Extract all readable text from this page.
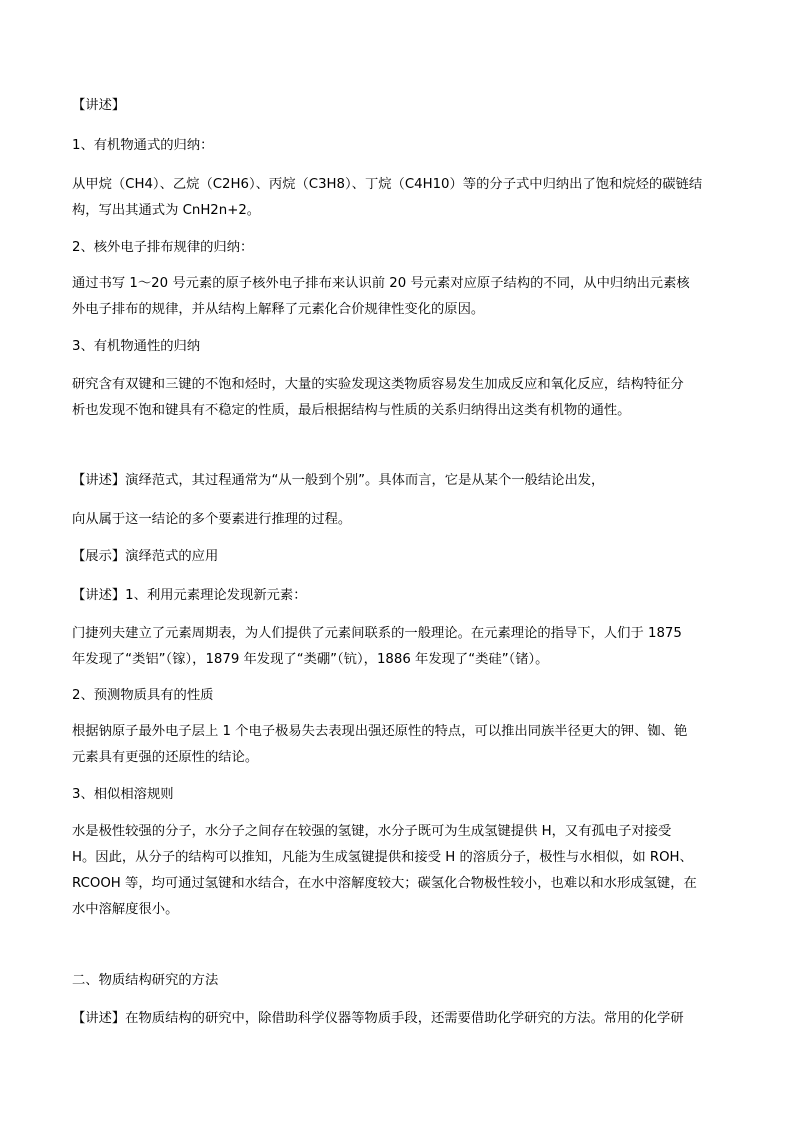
【讲述】

1、有机物通式的归纳：

从甲烷（CH4）、乙烷（C2H6）、丙烷（C3H8）、丁烷（C4H10）等的分子式中归纳出了饱和烷烃的碳链结
构，写出其通式为 CnH2n+2。

2、核外电子排布规律的归纳：

通过书写 1～20 号元素的原子核外电子排布来认识前 20 号元素对应原子结构的不同，从中归纳出元素核
外电子排布的规律，并从结构上解释了元素化合价规律性变化的原因。

3、有机物通性的归纳

研究含有双键和三键的不饱和烃时，大量的实验发现这类物质容易发生加成反应和氧化反应，结构特征分
析也发现不饱和键具有不稳定的性质，最后根据结构与性质的关系归纳得出这类有机物的通性。

【讲述】演绎范式，其过程通常为“从一般到个别”。具体而言，它是从某个一般结论出发，

向从属于这一结论的多个要素进行推理的过程。

【展示】演绎范式的应用

【讲述】1、利用元素理论发现新元素：

门捷列夫建立了元素周期表，为人们提供了元素间联系的一般理论。在元素理论的指导下，人们于 1875
年发现了“类铝”（镓），1879 年发现了“类硼”（钪），1886 年发现了“类硅”（锗）。

2、预测物质具有的性质

根据钠原子最外电子层上 1 个电子极易失去表现出强还原性的特点，可以推出同族半径更大的钾、铷、铯
元素具有更强的还原性的结论。

3、相似相溶规则

水是极性较强的分子，水分子之间存在较强的氢键，水分子既可为生成氢键提供 H，又有孤电子对接受
H。因此，从分子的结构可以推知，凡能为生成氢键提供和接受 H 的溶质分子，极性与水相似，如 ROH、
RCOOH 等，均可通过氢键和水结合，在水中溶解度较大；碳氢化合物极性较小，也难以和水形成氢键，在
水中溶解度很小。

二、物质结构研究的方法

【讲述】在物质结构的研究中，除借助科学仪器等物质手段，还需要借助化学研究的方法。常用的化学研
